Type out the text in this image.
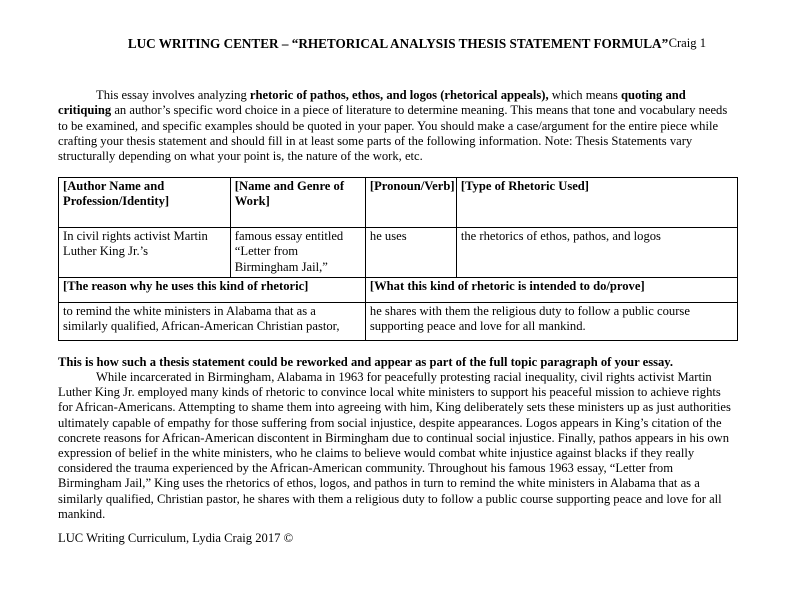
LUC WRITING CENTER – “RHETORICAL ANALYSIS THESIS STATEMENT FORMULA” Craig 1

This essay involves analyzing rhetoric of pathos, ethos, and logos (rhetorical appeals), which means quoting and critiquing an author’s specific word choice in a piece of literature to determine meaning. This means that tone and vocabulary needs to be examined, and specific examples should be quoted in your paper. You should make a case/argument for the entire piece while crafting your thesis statement and should fill in at least some parts of the following information. Note: Thesis Statements vary structurally depending on what your point is, the nature of the work, etc.

[Author Name and Profession/Identity]	[Name and Genre of Work]	[Pronoun/Verb]	[Type of Rhetoric Used]
In civil rights activist Martin Luther King Jr.’s	famous essay entitled “Letter from Birmingham Jail,”	he uses	the rhetorics of ethos, pathos, and logos
[The reason why he uses this kind of rhetoric]		[What this kind of rhetoric is intended to do/prove]	
to remind the white ministers in Alabama that as a similarly qualified, African-American Christian pastor,		he shares with them the religious duty to follow a public course supporting peace and love for all mankind.	

This is how such a thesis statement could be reworked and appear as part of the full topic paragraph of your essay.

While incarcerated in Birmingham, Alabama in 1963 for peacefully protesting racial inequality, civil rights activist Martin Luther King Jr. employed many kinds of rhetoric to convince local white ministers to support his peaceful mission to achieve rights for African-Americans. Attempting to shame them into agreeing with him, King deliberately sets these ministers up as just authorities ultimately capable of empathy for those suffering from social injustice, despite appearances. Logos appears in King’s citation of the concrete reasons for African-American discontent in Birmingham due to continual social injustice. Finally, pathos appears in his own expression of belief in the white ministers, who he claims to believe would combat white injustice against blacks if they really considered the trauma experienced by the African-American community. Throughout his famous 1963 essay, “Letter from Birmingham Jail,” King uses the rhetorics of ethos, logos, and pathos in turn to remind the white ministers in Alabama that as a similarly qualified, Christian pastor, he shares with them a religious duty to follow a public course supporting peace and love for all mankind.

LUC Writing Curriculum, Lydia Craig 2017 ©
